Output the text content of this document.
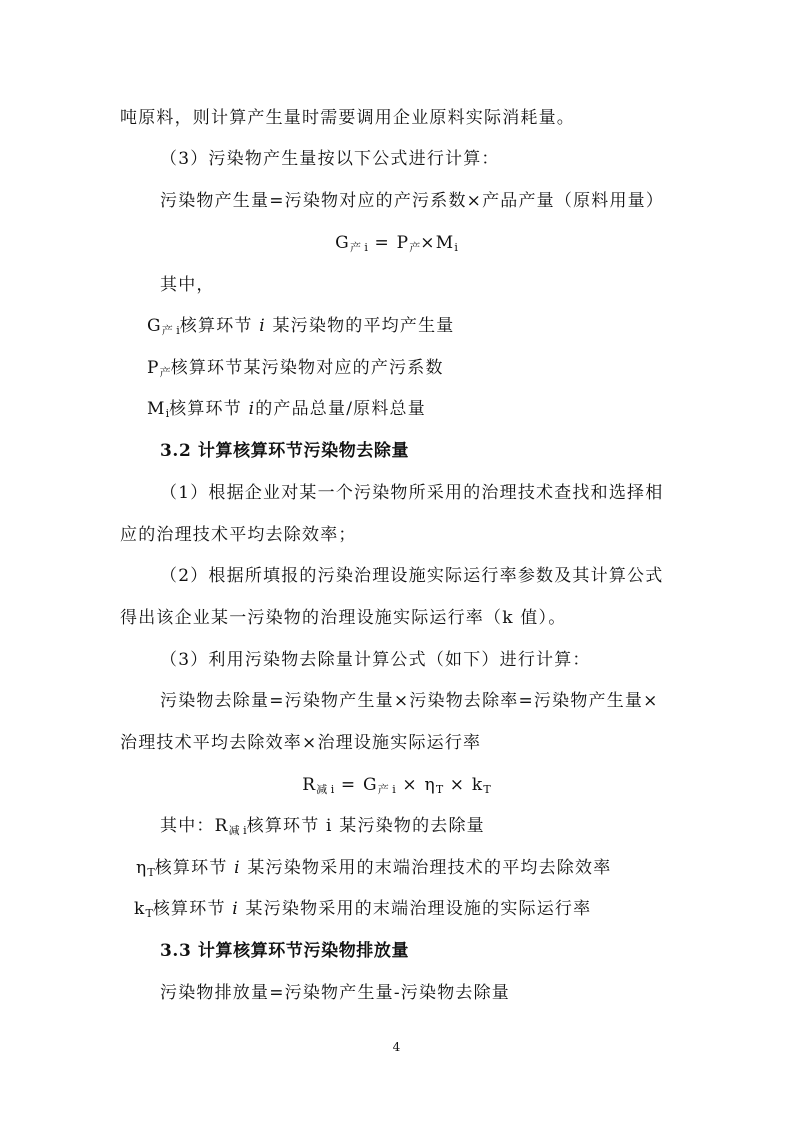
吨原料，则计算产生量时需要调用企业原料实际消耗量。
（3）污染物产生量按以下公式进行计算：
污染物产生量=污染物对应的产污系数×产品产量（原料用量）
G产 i = P产×Mi
其中，
G产 i核算环节 i 某污染物的平均产生量
P产核算环节某污染物对应的产污系数
Mi核算环节 i的产品总量/原料总量
3.2 计算核算环节污染物去除量
（1）根据企业对某一个污染物所采用的治理技术查找和选择相
应的治理技术平均去除效率；
（2）根据所填报的污染治理设施实际运行率参数及其计算公式
得出该企业某一污染物的治理设施实际运行率（k 值）。
（3）利用污染物去除量计算公式（如下）进行计算：
污染物去除量=污染物产生量×污染物去除率=污染物产生量×
治理技术平均去除效率×治理设施实际运行率
R减 i = G产 i × ηT × kT
其中：R减 i核算环节 i 某污染物的去除量
ηT核算环节 i 某污染物采用的末端治理技术的平均去除效率
kT核算环节 i 某污染物采用的末端治理设施的实际运行率
3.3 计算核算环节污染物排放量
污染物排放量=污染物产生量-污染物去除量
4
